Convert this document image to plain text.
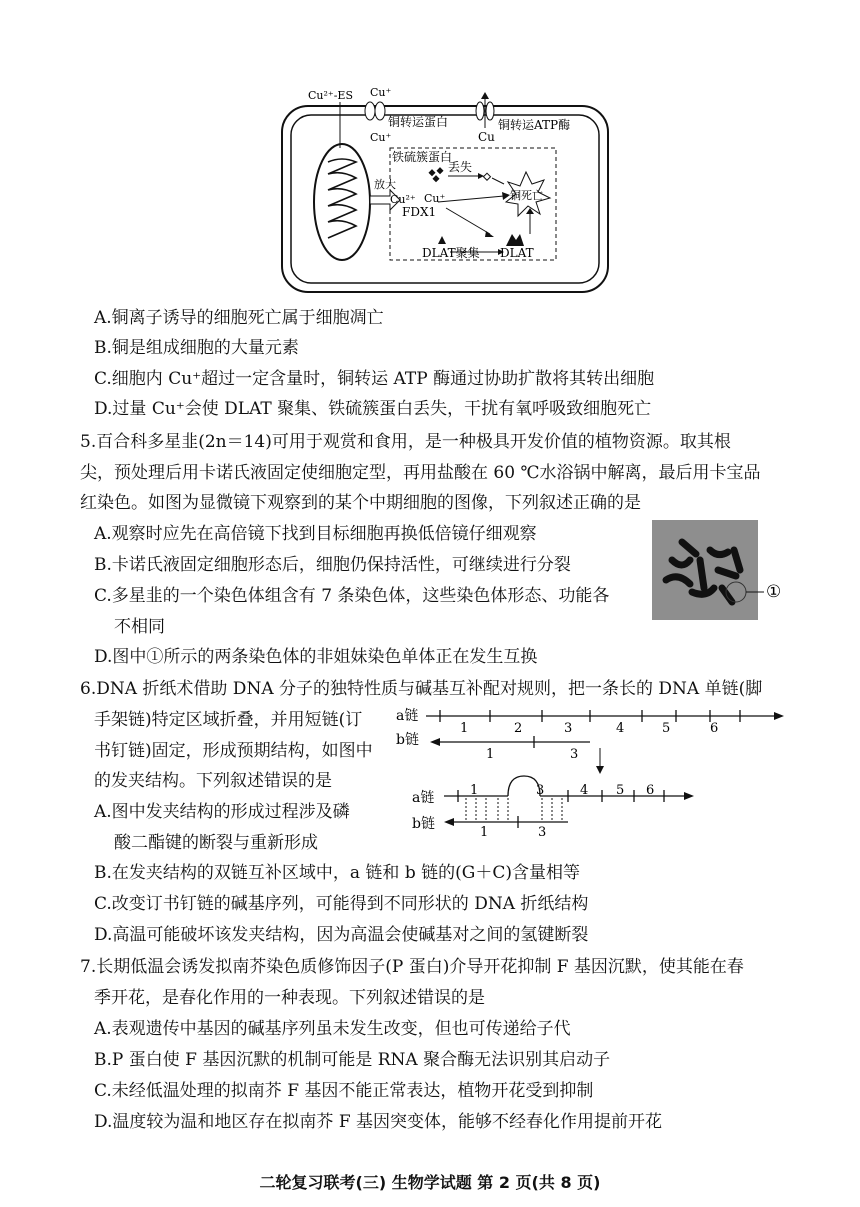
Cu²⁺-ES Cu⁺
Cu⁺
铜转运蛋白
Cu
铜转运ATP酶
铁硫簇蛋白
丢失
放大
Cu²⁺ Cu⁺
FDX1
铜死亡
DLAT聚集 DLAT
A.铜离子诱导的细胞死亡属于细胞凋亡
B.铜是组成细胞的大量元素
C.细胞内 Cu⁺超过一定含量时，铜转运 ATP 酶通过协助扩散将其转出细胞
D.过量 Cu⁺会使 DLAT 聚集、铁硫簇蛋白丢失，干扰有氧呼吸致细胞死亡
5.百合科多星韭(2n＝14)可用于观赏和食用，是一种极具开发价值的植物资源。取其根
尖，预处理后用卡诺氏液固定使细胞定型，再用盐酸在 60 ℃水浴锅中解离，最后用卡宝品
红染色。如图为显微镜下观察到的某个中期细胞的图像，下列叙述正确的是
A.观察时应先在高倍镜下找到目标细胞再换低倍镜仔细观察
B.卡诺氏液固定细胞形态后，细胞仍保持活性，可继续进行分裂
C.多星韭的一个染色体组含有 7 条染色体，这些染色体形态、功能各
不相同
D.图中①所示的两条染色体的非姐妹染色单体正在发生互换
①
6.DNA 折纸术借助 DNA 分子的独特性质与碱基互补配对规则，把一条长的 DNA 单链(脚
手架链)特定区域折叠，并用短链(订
书钉链)固定，形成预期结构，如图中
的发夹结构。下列叙述错误的是
A.图中发夹结构的形成过程涉及磷
酸二酯键的断裂与重新形成
B.在发夹结构的双链互补区域中，a 链和 b 链的(G＋C)含量相等
C.改变订书钉链的碱基序列，可能得到不同形状的 DNA 折纸结构
D.高温可能破坏该发夹结构，因为高温会使碱基对之间的氢键断裂
a链
1	2	3	4	5	6
b链
1	3
a链	1	3	4 5 6
b链
1	3
7.长期低温会诱发拟南芥染色质修饰因子(P 蛋白)介导开花抑制 F 基因沉默，使其能在春
季开花，是春化作用的一种表现。下列叙述错误的是
A.表观遗传中基因的碱基序列虽未发生改变，但也可传递给子代
B.P 蛋白使 F 基因沉默的机制可能是 RNA 聚合酶无法识别其启动子
C.未经低温处理的拟南芥 F 基因不能正常表达，植物开花受到抑制
D.温度较为温和地区存在拟南芥 F 基因突变体，能够不经春化作用提前开花
二轮复习联考(三) 生物学试题 第 2 页(共 8 页)
